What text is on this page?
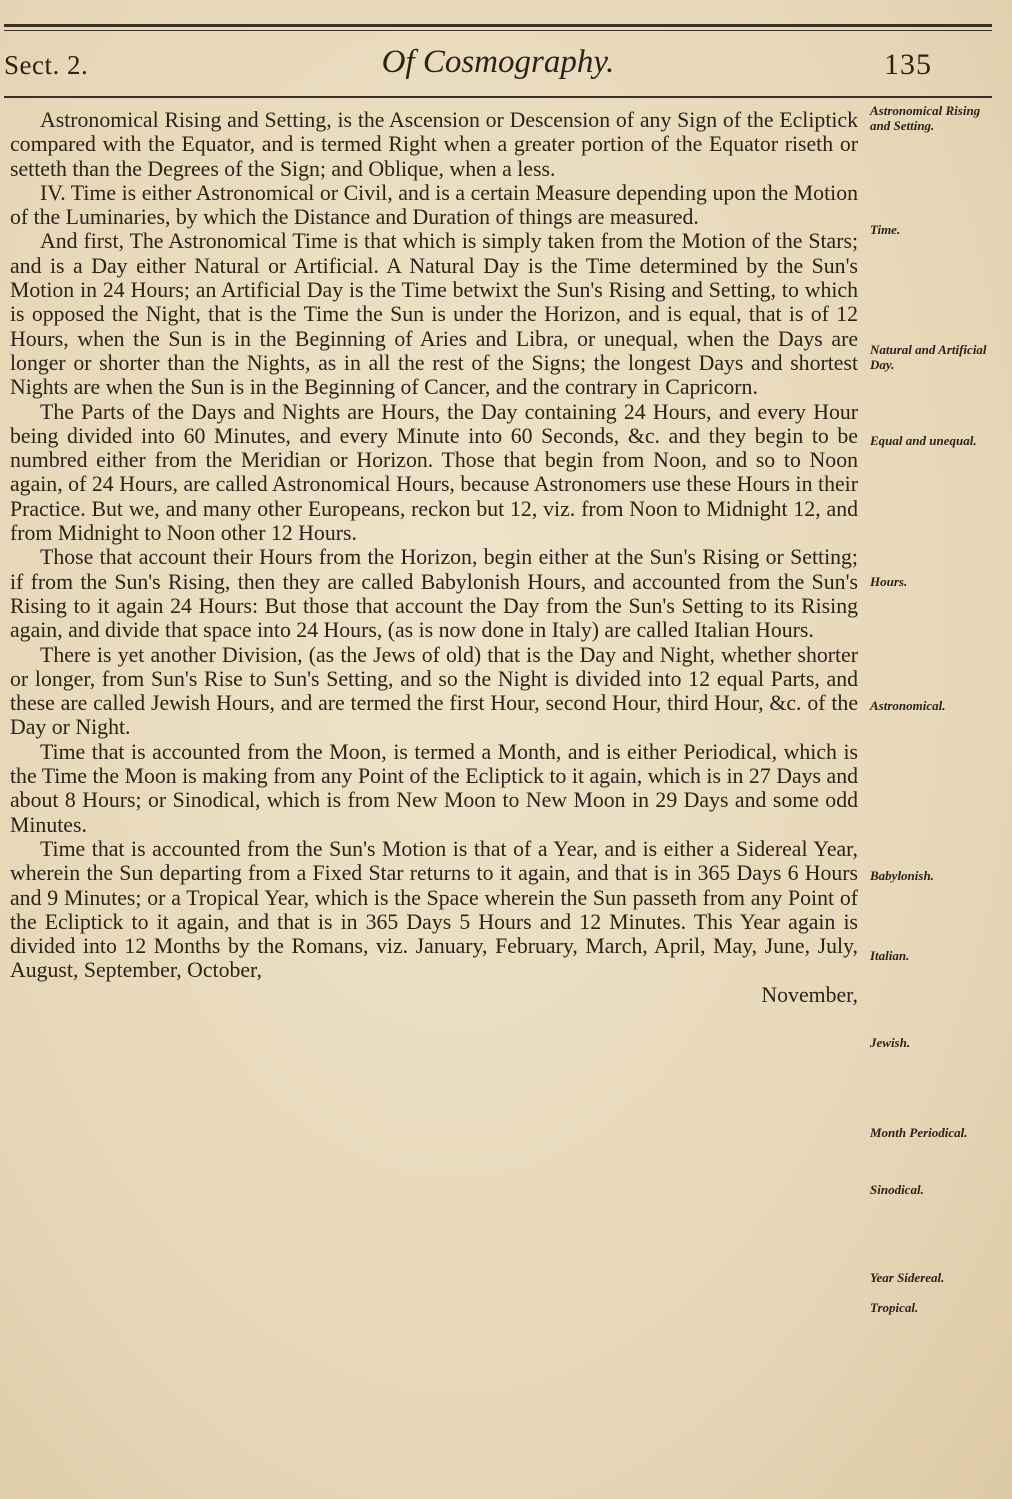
Sect. 2.	Of Cosmography.	135

Astronomical Rising and Setting, is the Ascension or Descension of any Sign of the Ecliptick compared with the Equator, and is termed Right when a greater portion of the Equator riseth or setteth than the Degrees of the Sign; and Oblique, when a less.

IV. Time is either Astronomical or Civil, and is a certain Measure depending upon the Motion of the Luminaries, by which the Distance and Duration of things are measured.

And first, The Astronomical Time is that which is simply taken from the Motion of the Stars; and is a Day either Natural or Artificial. A Natural Day is the Time determined by the Sun's Motion in 24 Hours; an Artificial Day is the Time betwixt the Sun's Rising and Setting, to which is opposed the Night, that is the Time the Sun is under the Horizon, and is equal, that is of 12 Hours, when the Sun is in the Beginning of Aries and Libra, or unequal, when the Days are longer or shorter than the Nights, as in all the rest of the Signs; the longest Days and shortest Nights are when the Sun is in the Beginning of Cancer, and the contrary in Capricorn.

The Parts of the Days and Nights are Hours, the Day containing 24 Hours, and every Hour being divided into 60 Minutes, and every Minute into 60 Seconds, &c. and they begin to be numbred either from the Meridian or Horizon. Those that begin from Noon, and so to Noon again, of 24 Hours, are called Astronomical Hours, because Astronomers use these Hours in their Practice. But we, and many other Europeans, reckon but 12, viz. from Noon to Midnight 12, and from Midnight to Noon other 12 Hours.

Those that account their Hours from the Horizon, begin either at the Sun's Rising or Setting; if from the Sun's Rising, then they are called Babylonish Hours, and accounted from the Sun's Rising to it again 24 Hours: But those that account the Day from the Sun's Setting to its Rising again, and divide that space into 24 Hours, (as is now done in Italy) are called Italian Hours.

There is yet another Division, (as the Jews of old) that is the Day and Night, whether shorter or longer, from Sun's Rise to Sun's Setting, and so the Night is divided into 12 equal Parts, and these are called Jewish Hours, and are termed the first Hour, second Hour, third Hour, &c. of the Day or Night.

Time that is accounted from the Moon, is termed a Month, and is either Periodical, which is the Time the Moon is making from any Point of the Ecliptick to it again, which is in 27 Days and about 8 Hours; or Sinodical, which is from New Moon to New Moon in 29 Days and some odd Minutes.

Time that is accounted from the Sun's Motion is that of a Year, and is either a Sidereal Year, wherein the Sun departing from a Fixed Star returns to it again, and that is in 365 Days 6 Hours and 9 Minutes; or a Tropical Year, which is the Space wherein the Sun passeth from any Point of the Ecliptick to it again, and that is in 365 Days 5 Hours and 12 Minutes. This Year again is divided into 12 Months by the Romans, viz. January, February, March, April, May, June, July, August, September, October,

November,

Astronomical Rising and Setting.
Time.
Natural and Artificial Day.
Equal and unequal.
Hours.
Astronomical.
Babylonish.
Italian.
Jewish.
Month Periodical.
Sinodical.
Year Sidereal.
Tropical.
